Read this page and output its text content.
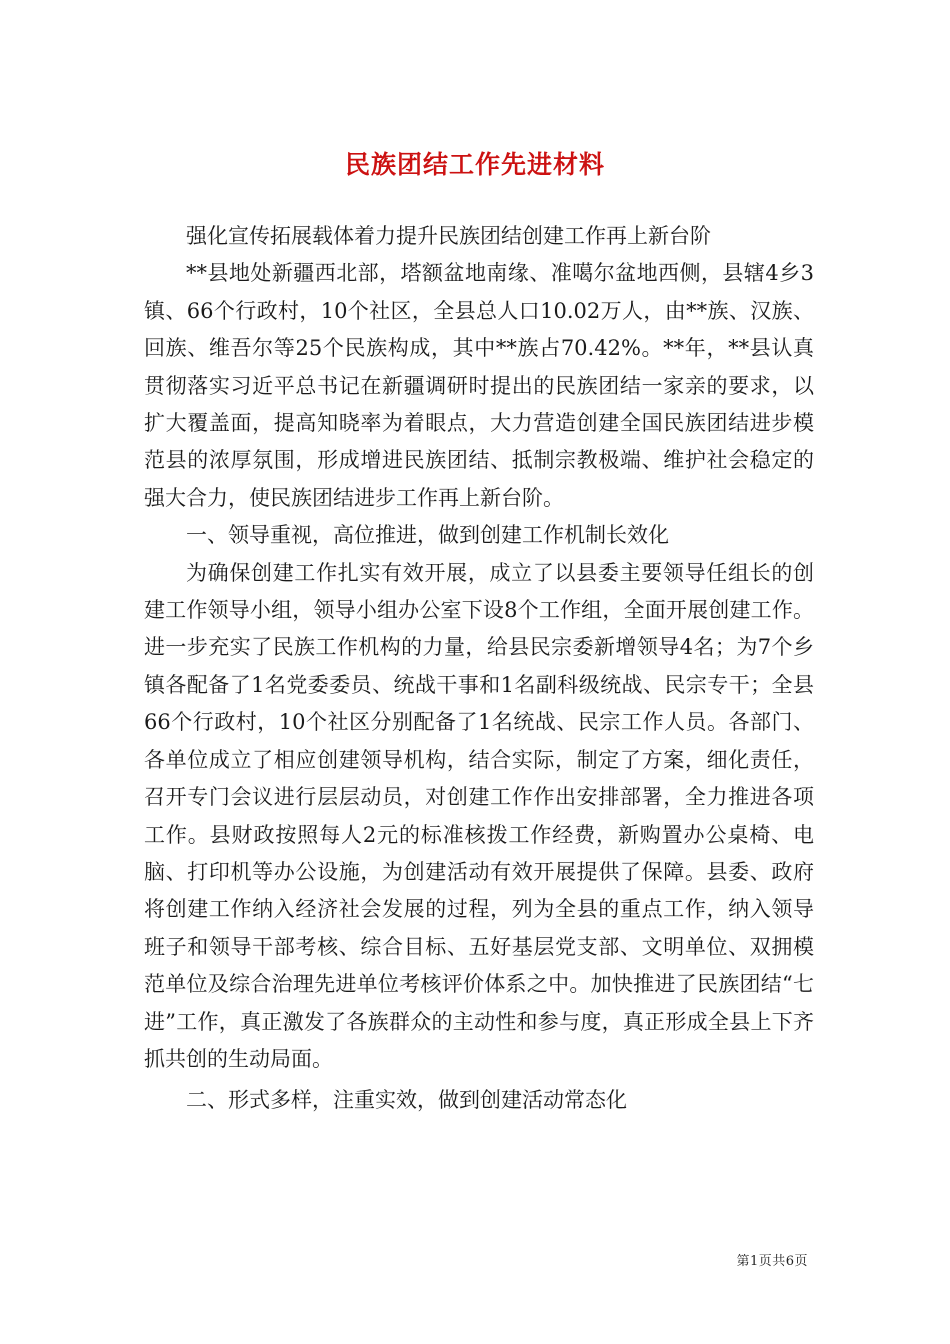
民族团结工作先进材料

强化宣传拓展载体着力提升民族团结创建工作再上新台阶

**县地处新疆西北部，塔额盆地南缘、准噶尔盆地西侧，县辖4乡3镇、66个行政村，10个社区，全县总人口10.02万人，由**族、汉族、回族、维吾尔等25个民族构成，其中**族占70.42%。**年，**县认真贯彻落实习近平总书记在新疆调研时提出的民族团结一家亲的要求，以扩大覆盖面，提高知晓率为着眼点，大力营造创建全国民族团结进步模范县的浓厚氛围，形成增进民族团结、抵制宗教极端、维护社会稳定的强大合力，使民族团结进步工作再上新台阶。

一、领导重视，高位推进，做到创建工作机制长效化

为确保创建工作扎实有效开展，成立了以县委主要领导任组长的创建工作领导小组，领导小组办公室下设8个工作组，全面开展创建工作。进一步充实了民族工作机构的力量，给县民宗委新增领导4名；为7个乡镇各配备了1名党委委员、统战干事和1名副科级统战、民宗专干；全县66个行政村，10个社区分别配备了1名统战、民宗工作人员。各部门、各单位成立了相应创建领导机构，结合实际，制定了方案，细化责任，召开专门会议进行层层动员，对创建工作作出安排部署，全力推进各项工作。县财政按照每人2元的标准核拨工作经费，新购置办公桌椅、电脑、打印机等办公设施，为创建活动有效开展提供了保障。县委、政府将创建工作纳入经济社会发展的过程，列为全县的重点工作，纳入领导班子和领导干部考核、综合目标、五好基层党支部、文明单位、双拥模范单位及综合治理先进单位考核评价体系之中。加快推进了民族团结“七进”工作，真正激发了各族群众的主动性和参与度，真正形成全县上下齐抓共创的生动局面。

二、形式多样，注重实效，做到创建活动常态化

第1页共6页
